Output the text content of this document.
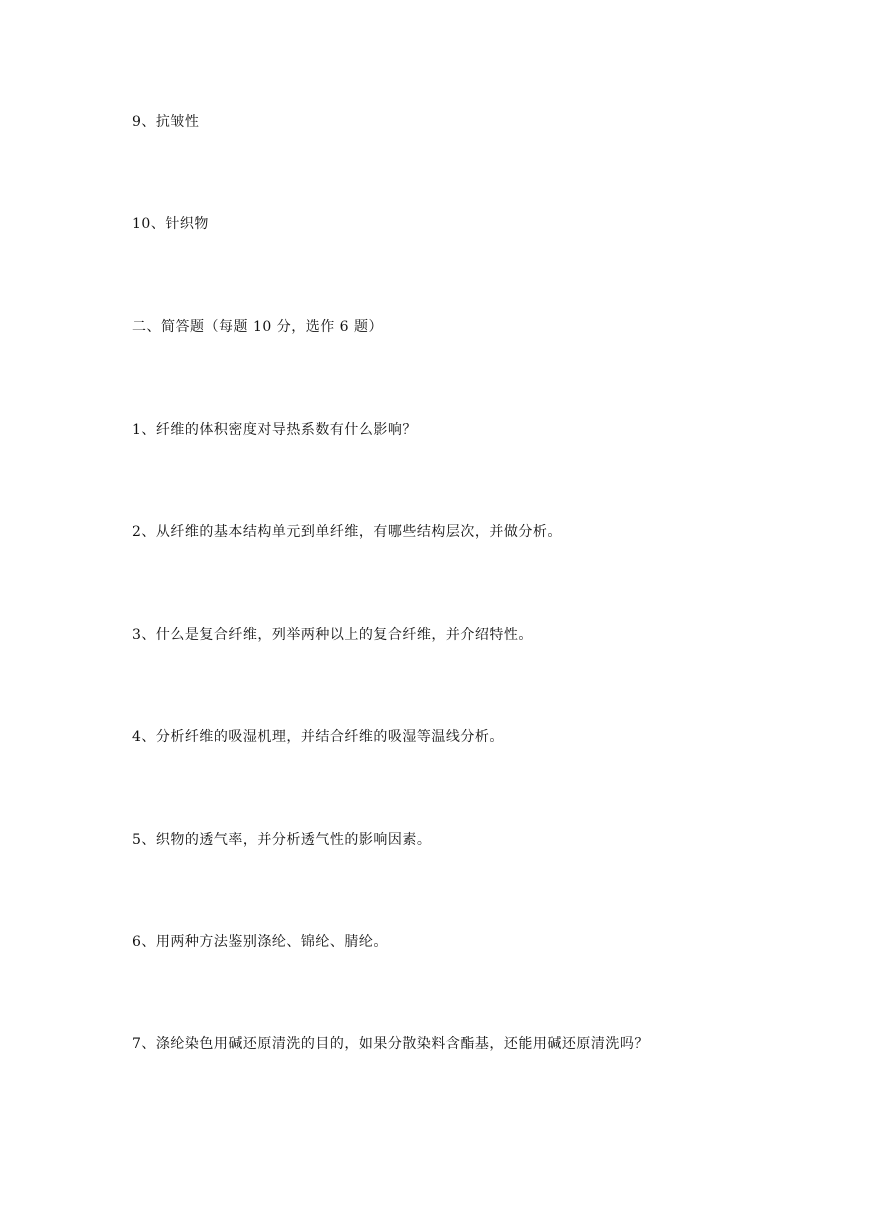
9、抗皱性

10、针织物

二、简答题（每题 10 分，选作 6 题）

1、纤维的体积密度对导热系数有什么影响？

2、从纤维的基本结构单元到单纤维，有哪些结构层次，并做分析。

3、什么是复合纤维，列举两种以上的复合纤维，并介绍特性。

4、分析纤维的吸湿机理，并结合纤维的吸湿等温线分析。

5、织物的透气率，并分析透气性的影响因素。

6、用两种方法鉴别涤纶、锦纶、腈纶。

7、涤纶染色用碱还原清洗的目的，如果分散染料含酯基，还能用碱还原清洗吗？
